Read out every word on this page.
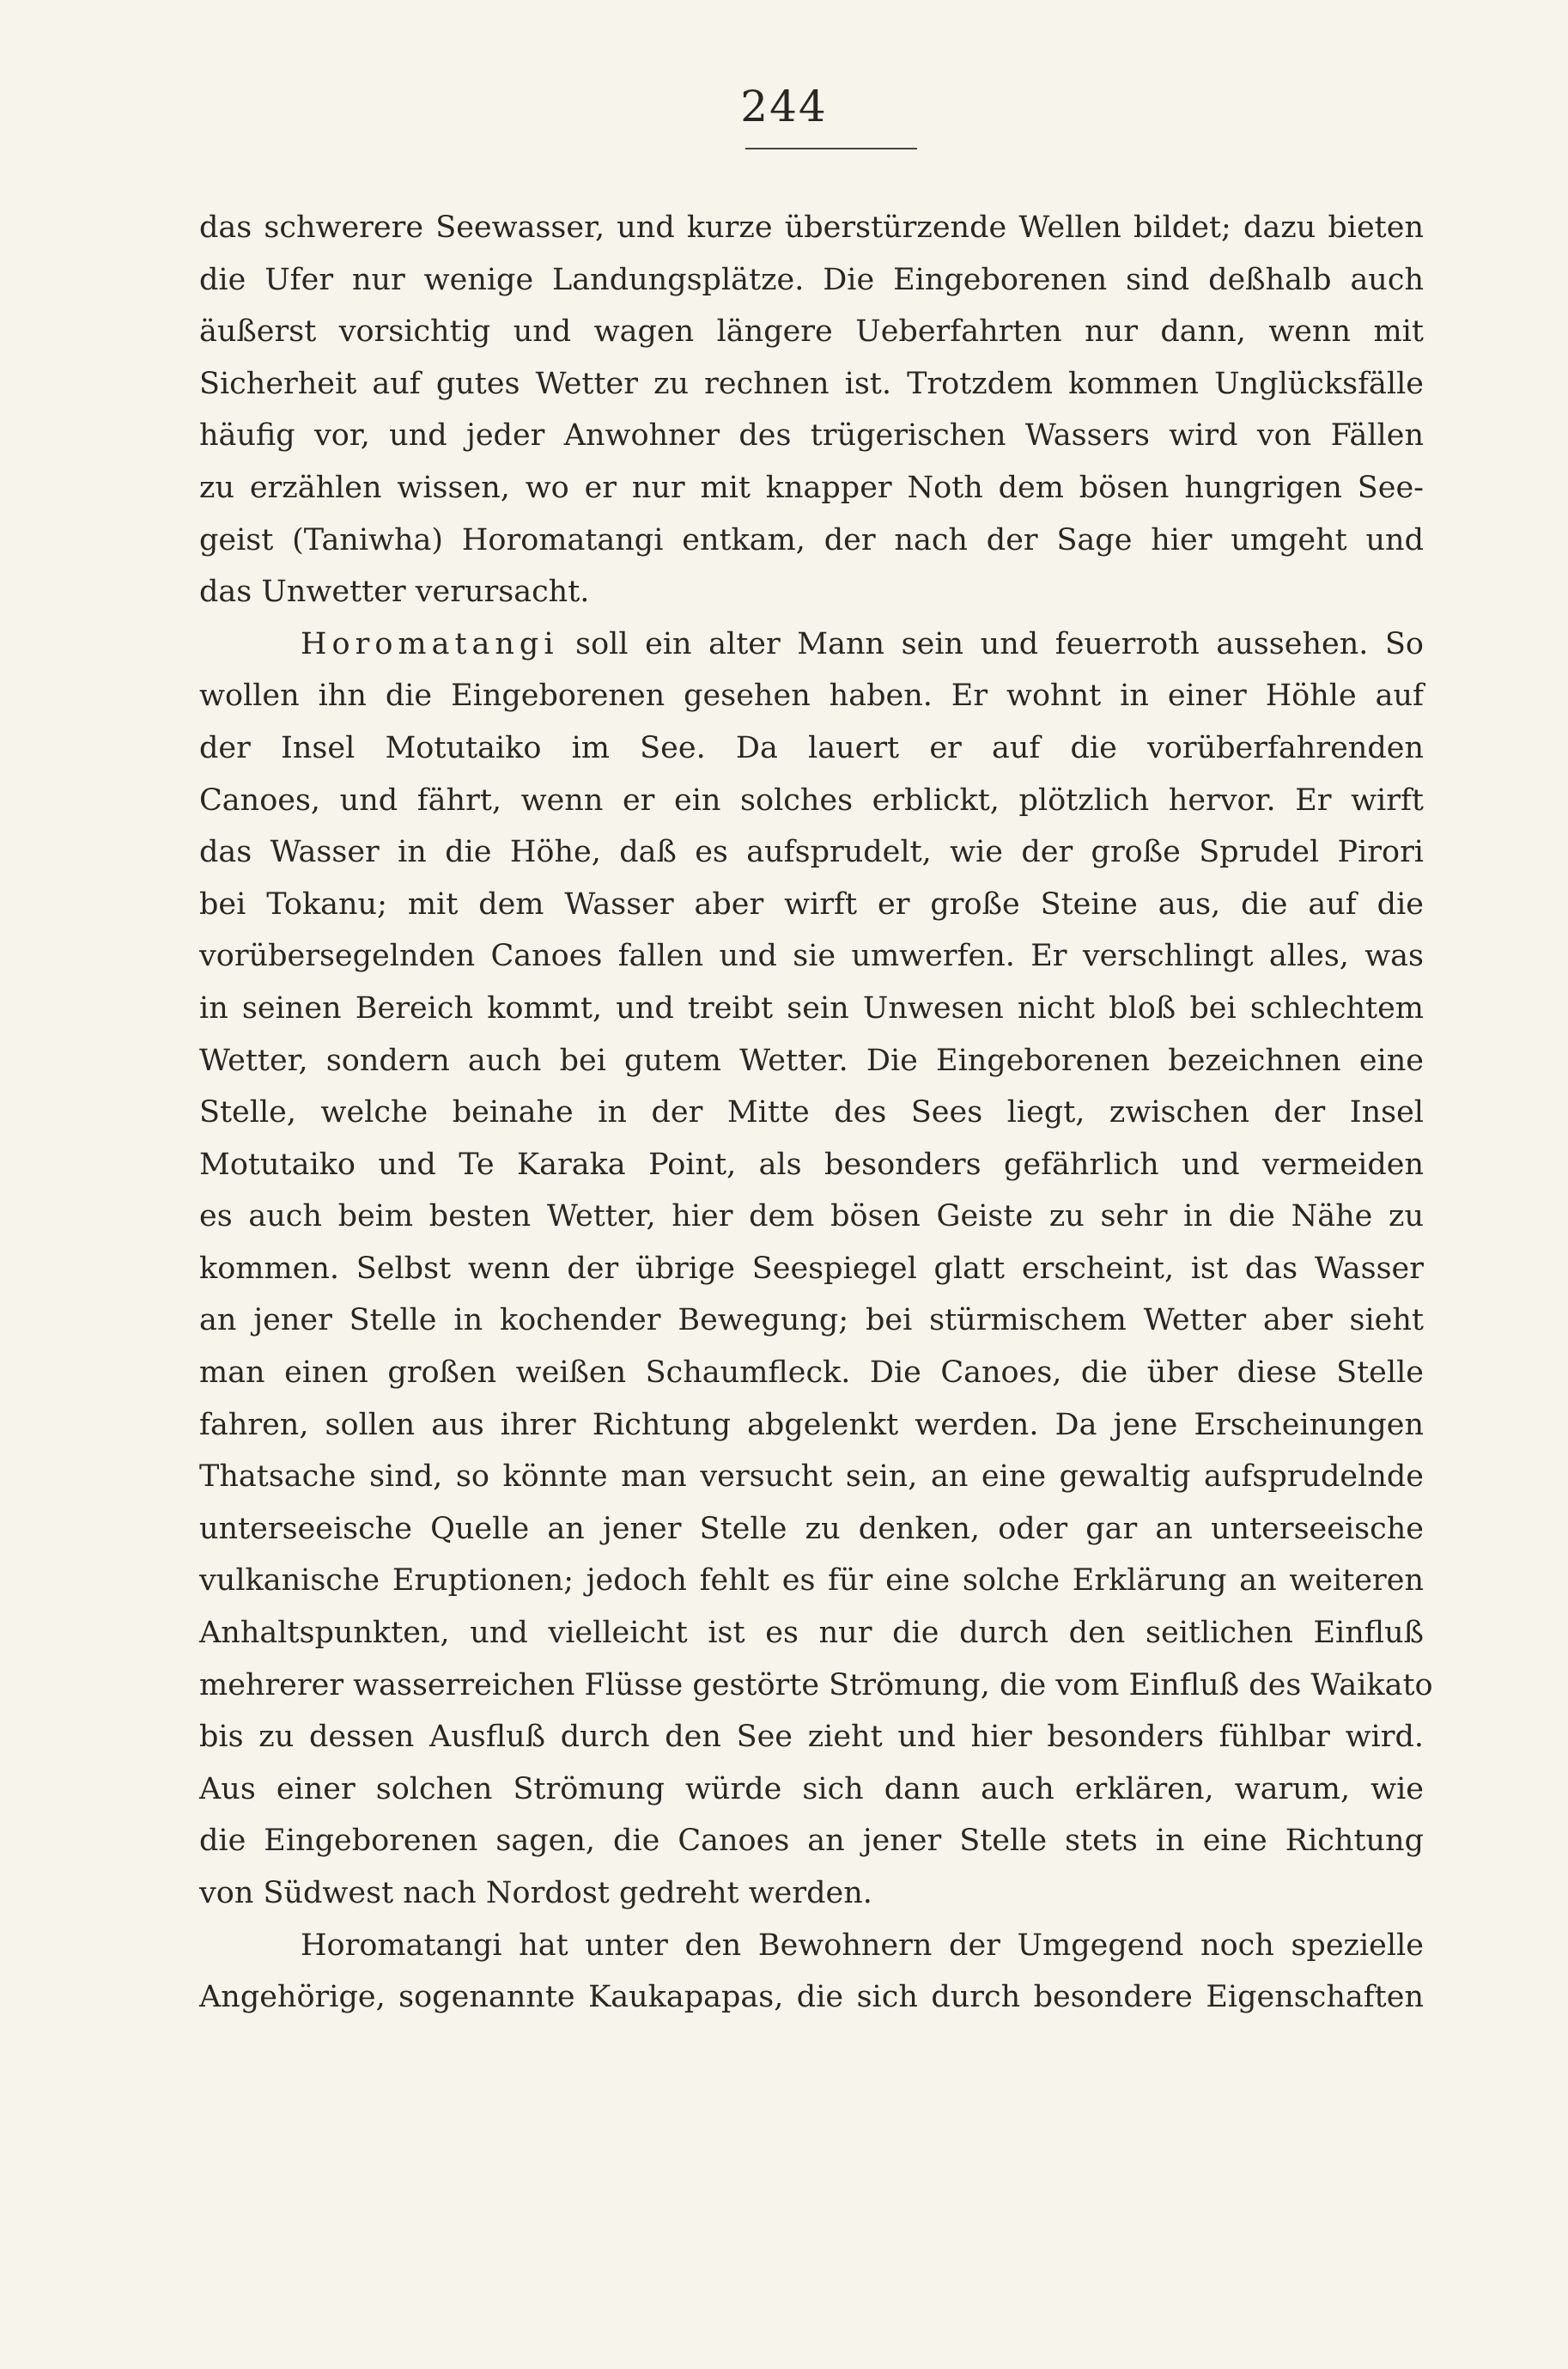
244
das schwerere Seewasser, und kurze überstürzende Wellen bildet; dazu bieten
die Ufer nur wenige Landungsplätze. Die Eingeborenen sind deßhalb auch
äußerst vorsichtig und wagen längere Ueberfahrten nur dann, wenn mit
Sicherheit auf gutes Wetter zu rechnen ist. Trotzdem kommen Unglücksfälle
häufig vor, und jeder Anwohner des trügerischen Wassers wird von Fällen
zu erzählen wissen, wo er nur mit knapper Noth dem bösen hungrigen See-
geist (Taniwha) Horomatangi entkam, der nach der Sage hier umgeht und
das Unwetter verursacht.
Horomatangi soll ein alter Mann sein und feuerroth aussehen. So
wollen ihn die Eingeborenen gesehen haben. Er wohnt in einer Höhle auf
der Insel Motutaiko im See. Da lauert er auf die vorüberfahrenden
Canoes, und fährt, wenn er ein solches erblickt, plötzlich hervor. Er wirft
das Wasser in die Höhe, daß es aufsprudelt, wie der große Sprudel Pirori
bei Tokanu; mit dem Wasser aber wirft er große Steine aus, die auf die
vorübersegelnden Canoes fallen und sie umwerfen. Er verschlingt alles, was
in seinen Bereich kommt, und treibt sein Unwesen nicht bloß bei schlechtem
Wetter, sondern auch bei gutem Wetter. Die Eingeborenen bezeichnen eine
Stelle, welche beinahe in der Mitte des Sees liegt, zwischen der Insel
Motutaiko und Te Karaka Point, als besonders gefährlich und vermeiden
es auch beim besten Wetter, hier dem bösen Geiste zu sehr in die Nähe zu
kommen. Selbst wenn der übrige Seespiegel glatt erscheint, ist das Wasser
an jener Stelle in kochender Bewegung; bei stürmischem Wetter aber sieht
man einen großen weißen Schaumfleck. Die Canoes, die über diese Stelle
fahren, sollen aus ihrer Richtung abgelenkt werden. Da jene Erscheinungen
Thatsache sind, so könnte man versucht sein, an eine gewaltig aufsprudelnde
unterseeische Quelle an jener Stelle zu denken, oder gar an unterseeische
vulkanische Eruptionen; jedoch fehlt es für eine solche Erklärung an weiteren
Anhaltspunkten, und vielleicht ist es nur die durch den seitlichen Einfluß
mehrerer wasserreichen Flüsse gestörte Strömung, die vom Einfluß des Waikato
bis zu dessen Ausfluß durch den See zieht und hier besonders fühlbar wird.
Aus einer solchen Strömung würde sich dann auch erklären, warum, wie
die Eingeborenen sagen, die Canoes an jener Stelle stets in eine Richtung
von Südwest nach Nordost gedreht werden.
Horomatangi hat unter den Bewohnern der Umgegend noch spezielle
Angehörige, sogenannte Kaukapapas, die sich durch besondere Eigenschaften
